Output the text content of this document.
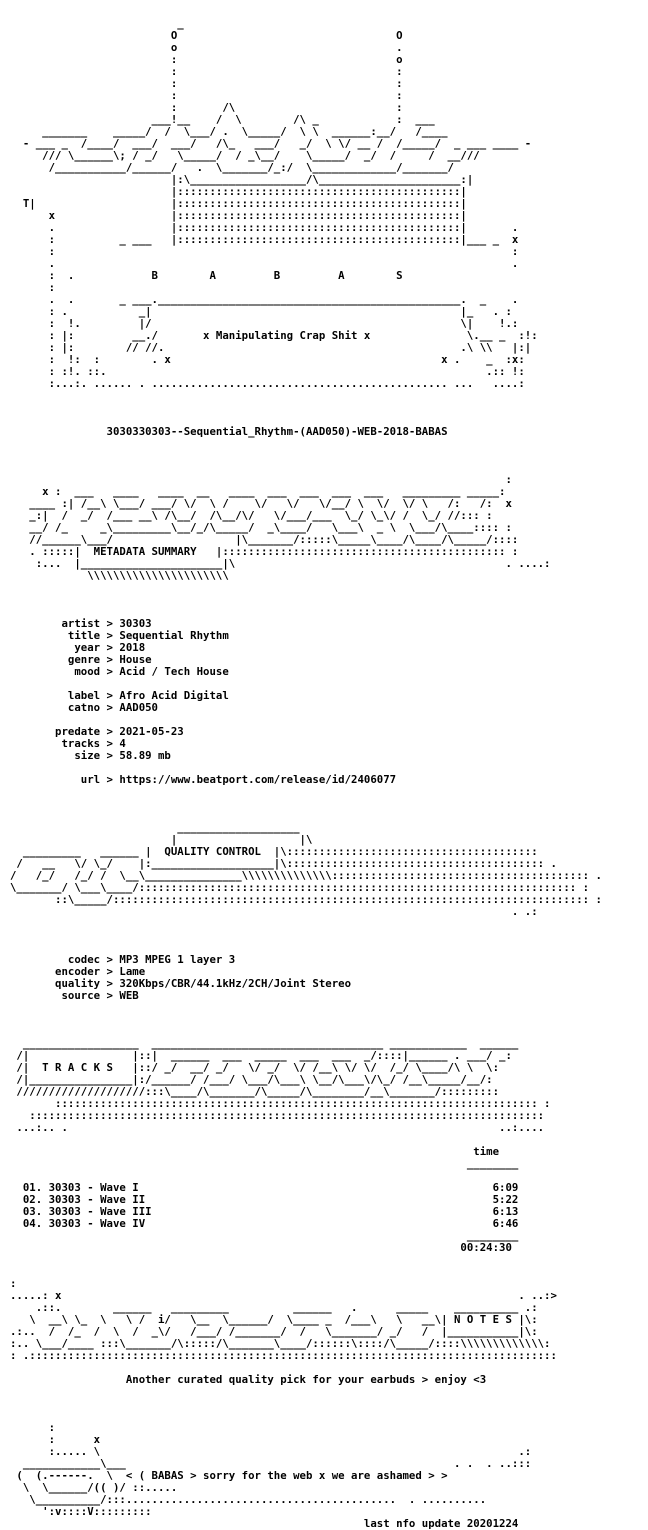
_
O                                  O
o                                  .
:                                  o
:                                  :
:                                  :
:                                  :
:       /\                         :
___!__    /  \        /\ _            :  ___
_______    _____/  /  \___/ .  \_____/  \ \  ______:__/   /____
- ___ _  /____/  ___/  ___/   /\_   ___/   _/  \ \/ __ /  /_____/  _ ___ ____ -
/// \______\; / _/   \_____/  / _\__/    \_____/  _/  /     /  __///
/___________/______/   .  \_______/_:/  \_____________/_______/
|:\__________________/\______________________:|
|::::::::::::::::::::::::::::::::::::::::::::|
T|                     |::::::::::::::::::::::::::::::::::::::::::::|
x                  |::::::::::::::::::::::::::::::::::::::::::::|
.                  |::::::::::::::::::::::::::::::::::::::::::::|       .
:          _ ___   |::::::::::::::::::::::::::::::::::::::::::::|___ _  x
:                                                                       :
.                                                                       .
:  .            B        A         B         A        S
:
.  .       _ ___._______________________________________________.  _    .
: .           _|                                                |_   . :
:  !.         |/                                                \|    !.:
: |:         __./       x Manipulating Crap Shit x               \.__ _  :!:
: |:        // //.                                              .\ \\   |:|
:  !:  :        . x                                          x .    _  :x:
: :!. ::.                                                           .:: !:
:...:. ...... . .............................................. ...   ....:

3030330303--Sequential_Rhythm-(AAD050)-WEB-2018-BABAS

:
x :  ___   ____   ____  __   ____  ___  ___  ___  ___   _________ _____:
____ :| /__\ \___/ ___/ \/  \ /    \/   \/   \/__/ \  \/  \/ \   /:   /:  x
_:|  /  _/  /___ __\ /\__/  /\__/\/   \/___/___  \_/ \_\/ /  \_/ //::: :
__/ /_     _\_________\__/_/\_____/  _\____/   \___\  _ \  \___/\____:::: :
//______\___/                   |\_______/:::::\_____\____/\____/\_____/::::
. :::::|  METADATA SUMMARY   |:::::::::::::::::::::::::::::::::::::::::::: :
:...  |______________________|\                                          . ....:
\\\\\\\\\\\\\\\\\\\\\\

artist > 30303
title > Sequential Rhythm
year > 2018
genre > House
mood > Acid / Tech House

label > Afro Acid Digital
catno > AAD050

predate > 2021-05-23
tracks > 4
size > 58.89 mb

url > https://www.beatport.com/release/id/2406077

___________________
|                   |\
_________   ______ |  QUALITY CONTROL  |\:::::::::::::::::::::::::::::::::::::::
/   __   \/ \_/    |:___________________|\:::::::::::::::::::::::::::::::::::::::: .
/   /_/   /_/ /  \__\_______________\\\\\\\\\\\\\\:::::::::::::::::::::::::::::::::::::::: .
\_______/ \___\____/:::::::::::::::::::::::::::::::::::::::::::::::::::::::::::::::::::: :
::\_____/:::::::::::::::::::::::::::::::::::::::::::::::::::::::::::::::::::::::::: :
. .:

codec > MP3 MPEG 1 layer 3
encoder > Lame
quality > 320Kbps/CBR/44.1kHz/2CH/Joint Stereo
source > WEB

__________________  ____________________________________ ____________  ______
/|                |::|  ______  ___  _____  ___  ___  _/::::|______ . ___/ _:
/|  T R A C K S   |::/ _/  __/ _/   \/ _/  \/ /__\ \/ \/  /_/ \____/\ \  \:
/|________________|:/______/ /___/ \___/\___\ \__/\___\/\_/ /__\_____/__/:
////////////////////:::\____/\_______/\_____/\________/__\_______/:::::::::
::::::::::::::::::::::::::::::::::::::::::::::::::::::::::::::::::::::::::: :
::::::::::::::::::::::::::::::::::::::::::::::::::::::::::::::::::::::::::::::::
...:.. .                                                                   ..:....

time
________

01. 30303 - Wave I                                                       6:09
02. 30303 - Wave II                                                      5:22
03. 30303 - Wave III                                                     6:13
04. 30303 - Wave IV                                                      6:46
________
00:24:30

:
.....: x                                                                       . ..:>
.::.        ______   _________          ______   .      _____    __________ .:
\  __\ \_  \   \ /  i/   \__  \______/  \____ _  /___\   \   __\| N O T E S |\:
.:..  /  /_  /  \  /  _\/   /___/ /_______/  /   \_______/ _/   /  |___________|\:
:.. \___/____ :::\_______/\:::::/\_______\____/::::::\::::/\_____/::::\\\\\\\\\\\\\:
: .::::::::::::::::::::::::::::::::::::::::::::::::::::::::::::::::::::::::::::::::::

Another curated quality pick for your earbuds > enjoy <3

:
:      x
:..... \                                                                 .:
____________\___                                                   . .  . ..:::
(  (.------.  \  < ( BABAS > sorry for the web x we are ashamed > >
\  \______/(( )/ ::.....
\__________/:::..........................................  . ..........
':v::::V:::::::::
last nfo update 20201224
